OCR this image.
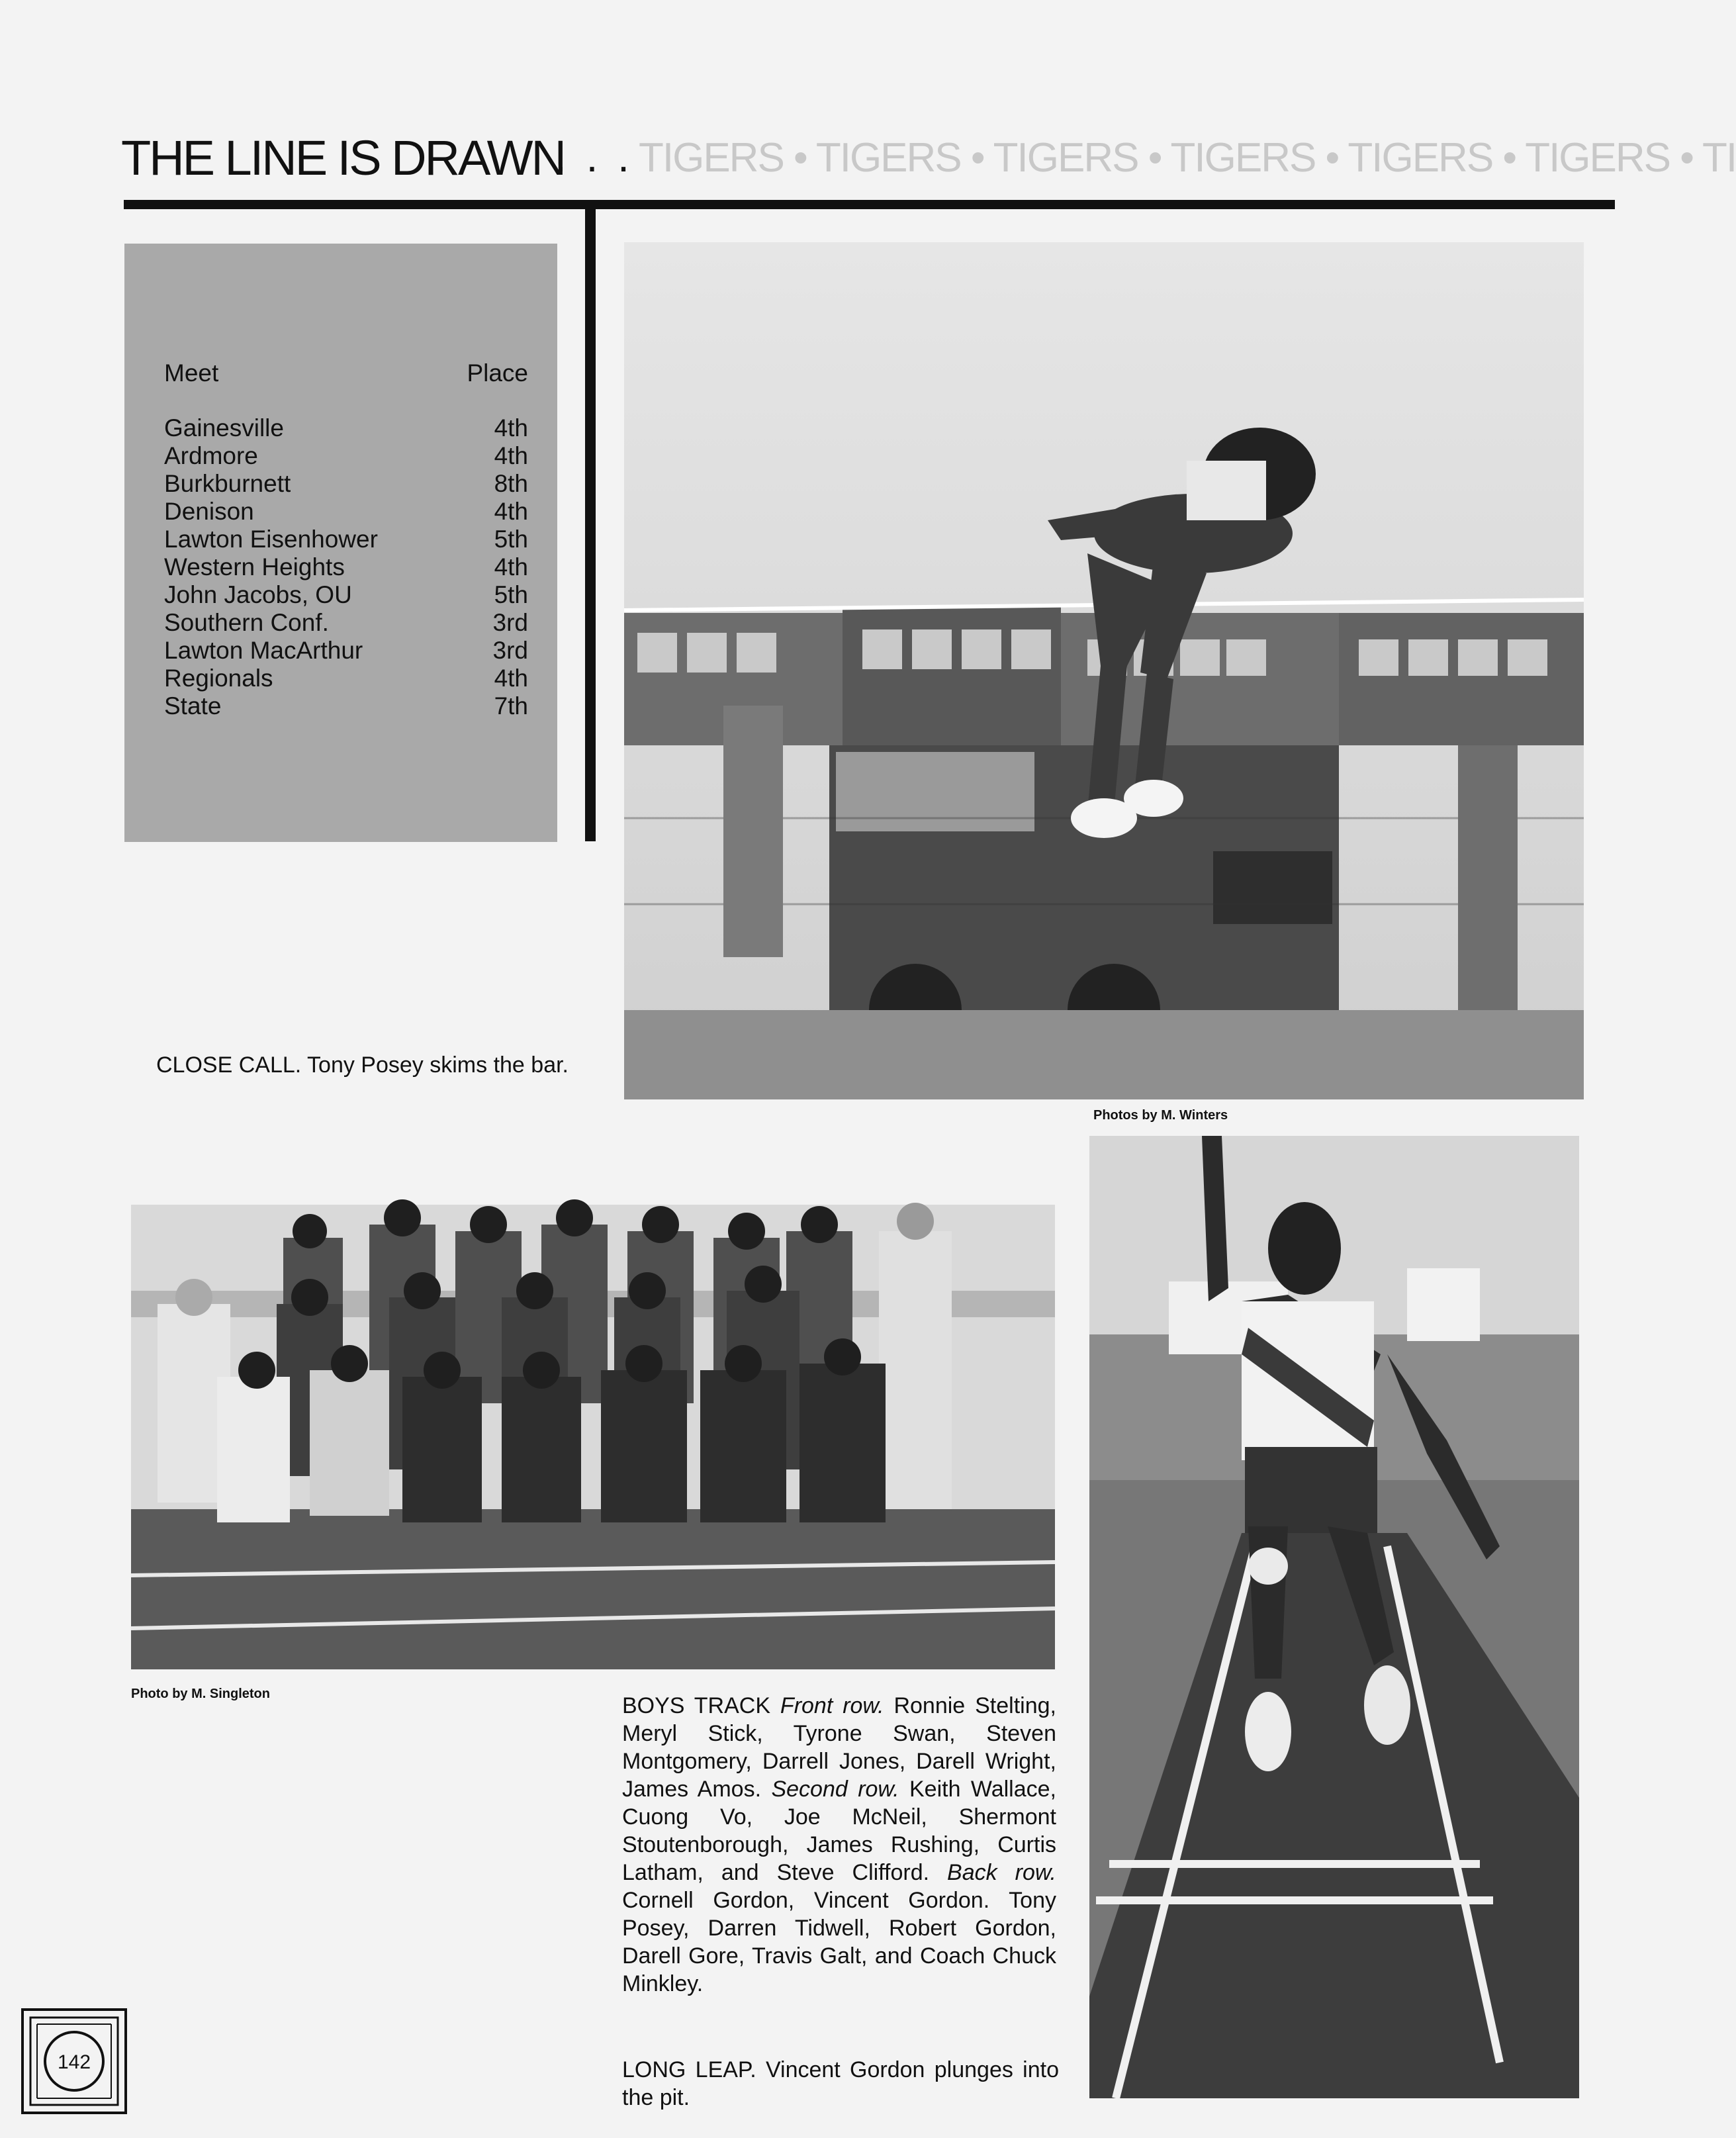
THE LINE IS DRAWN
. . . TIGERS • TIGERS • TIGERS • TIGERS • TIGERS • TIGERS • TI
Meet	Place
Gainesville	4th
Ardmore	4th
Burkburnett	8th
Denison	4th
Lawton Eisenhower	5th
Western Heights	4th
John Jacobs, OU	5th
Southern Conf.	3rd
Lawton MacArthur	3rd
Regionals	4th
State	7th
Photos by M. Winters
CLOSE CALL. Tony Posey skims the bar.
Photo by M. Singleton	BOYS TRACK Front row. Ronnie Stelting, Meryl Stick, Tyrone Swan, Steven Montgomery, Darrell Jones, Darell Wright, James Amos. Second row. Keith Wallace, Cuong Vo, Joe McNeil, Shermont Stoutenborough, James Rushing, Curtis Latham, and Steve Clifford. Back row. Cornell Gordon, Vincent Gordon. Tony Posey, Darren Tidwell, Robert Gordon, Darell Gore, Travis Galt, and Coach Chuck Minkley.
LONG LEAP. Vincent Gordon plunges into the pit.
142
